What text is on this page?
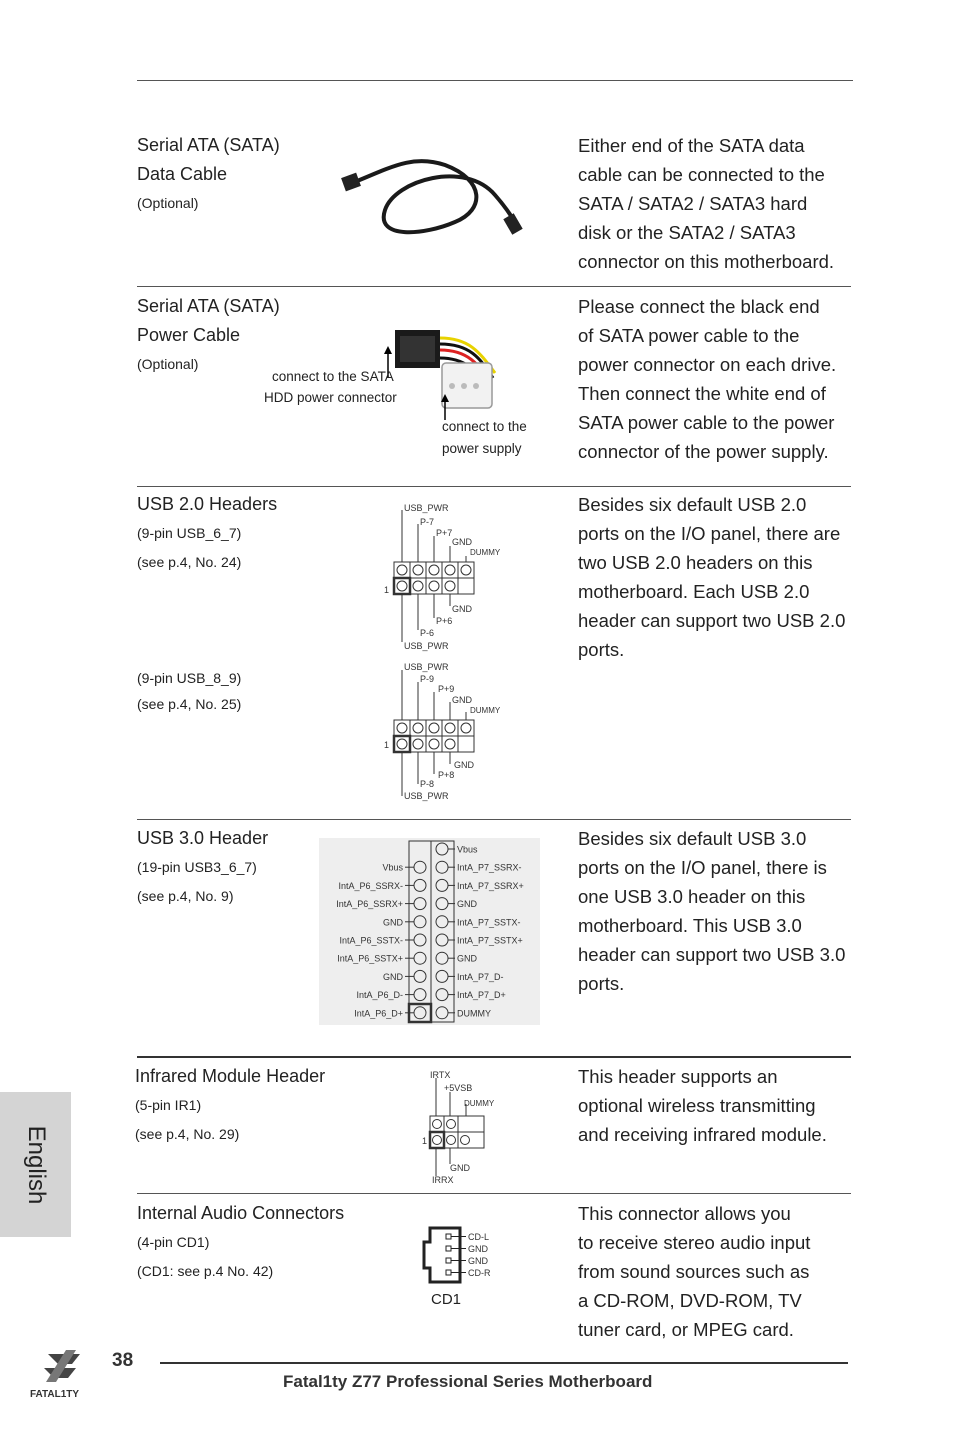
Serial ATA (SATA)
Data Cable
(Optional)
Either end of the SATA data
cable can be connected to the
SATA / SATA2 / SATA3 hard
disk or the SATA2 / SATA3
connector on this motherboard.
Serial ATA (SATA)
Power Cable
(Optional)
connect to the SATA
HDD power connector
connect to the
power supply
Please connect the black end
of SATA power cable to the
power connector on each drive.
Then connect the white end of
SATA power cable to the power
connector of the power supply.
USB 2.0 Headers
(9-pin USB_6_7)
(see p.4, No. 24)
(9-pin USB_8_9)
(see p.4, No. 25)
USB_PWR
P-7
P+7
GND
DUMMY
1
GND
P+6
P-6
USB_PWR
USB_PWR
P-9
P+9
GND
DUMMY
1
GND
P+8
P-8
USB_PWR
Besides six default USB 2.0
ports on the I/O panel, there are
two USB 2.0 headers on this
motherboard. Each USB 2.0
header can support two USB 2.0
ports.
USB 3.0 Header
(19-pin USB3_6_7)
(see p.4, No. 9)
Vbus
IntA_P6_SSRX-
IntA_P6_SSRX+
GND
IntA_P6_SSTX-
IntA_P6_SSTX+
GND
IntA_P6_D-
IntA_P6_D+
Vbus
IntA_P7_SSRX-
IntA_P7_SSRX+
GND
IntA_P7_SSTX-
IntA_P7_SSTX+
GND
IntA_P7_D-
IntA_P7_D+
DUMMY
Besides six default USB 3.0
ports on the I/O panel, there is
one USB 3.0 header on this
motherboard. This USB 3.0
header can support two USB 3.0
ports.
Infrared Module Header
(5-pin IR1)
(see p.4, No. 29)
IRTX
+5VSB
DUMMY
1
GND
IRRX
This header supports an
optional wireless transmitting
and receiving infrared module.
Internal Audio Connectors
(4-pin CD1)
(CD1: see p.4 No. 42)
CD-L
GND
GND
CD-R
CD1
This connector allows you
to receive stereo audio input
from sound sources such as
a CD-ROM, DVD-ROM, TV
tuner card, or MPEG card.
English
FATAL1TY
38
Fatal1ty Z77 Professional Series Motherboard
